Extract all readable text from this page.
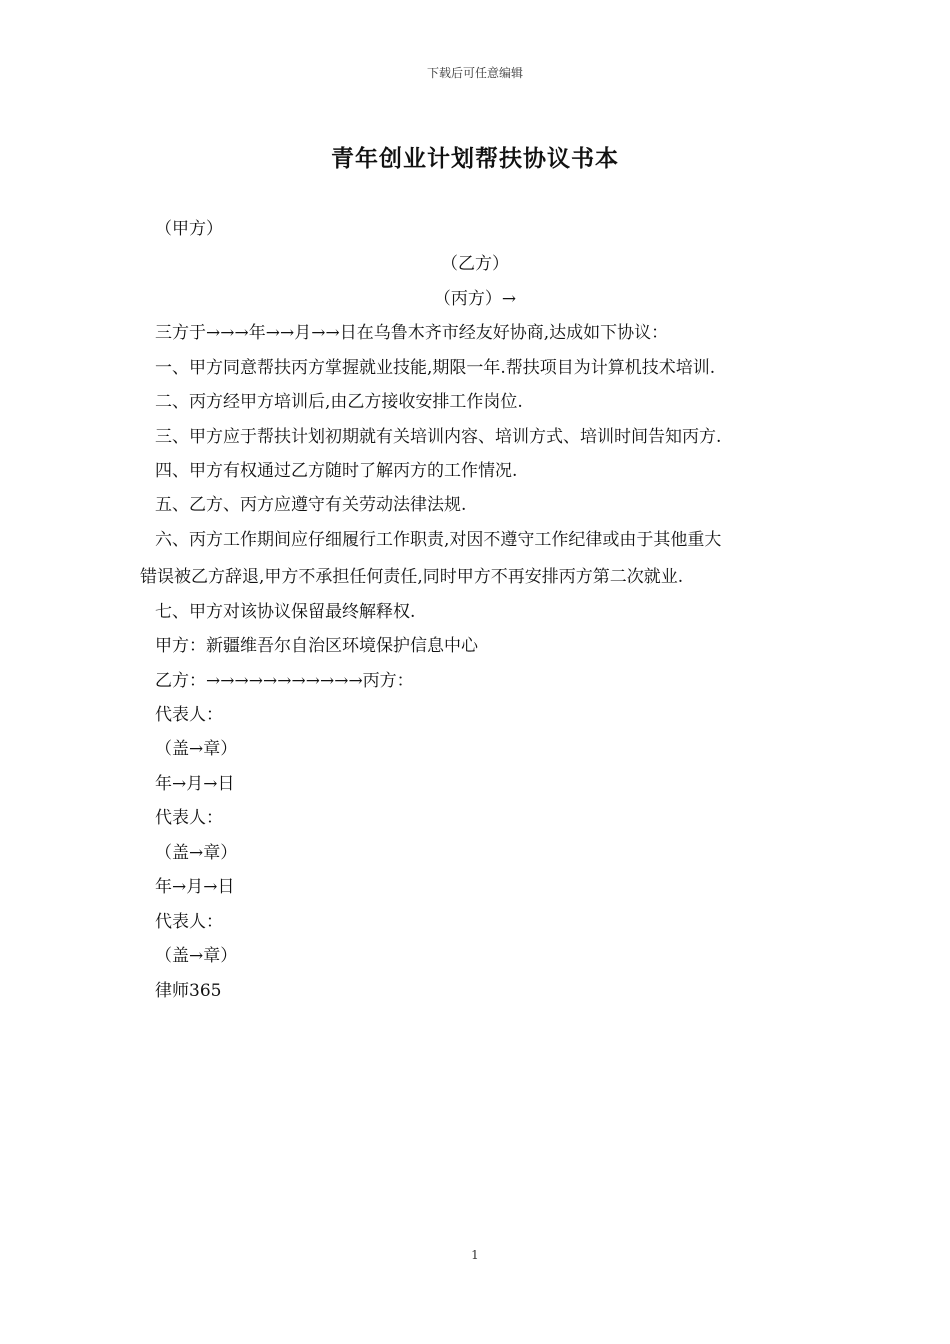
下载后可任意编辑
青年创业计划帮扶协议书本
（甲方）
（乙方）
（丙方）→
三方于→→→年→→月→→日在乌鲁木齐市经友好协商,达成如下协议：
一、甲方同意帮扶丙方掌握就业技能,期限一年.帮扶项目为计算机技术培训.
二、丙方经甲方培训后,由乙方接收安排工作岗位.
三、甲方应于帮扶计划初期就有关培训内容、培训方式、培训时间告知丙方.
四、甲方有权通过乙方随时了解丙方的工作情况.
五、乙方、丙方应遵守有关劳动法律法规.
六、丙方工作期间应仔细履行工作职责,对因不遵守工作纪律或由于其他重大
错误被乙方辞退,甲方不承担任何责任,同时甲方不再安排丙方第二次就业.
七、甲方对该协议保留最终解释权.
甲方：新疆维吾尔自治区环境保护信息中心
乙方：→→→→→→→→→→→丙方：
代表人：
（盖→章）
年→月→日
代表人：
（盖→章）
年→月→日
代表人：
（盖→章）
律师365
1
